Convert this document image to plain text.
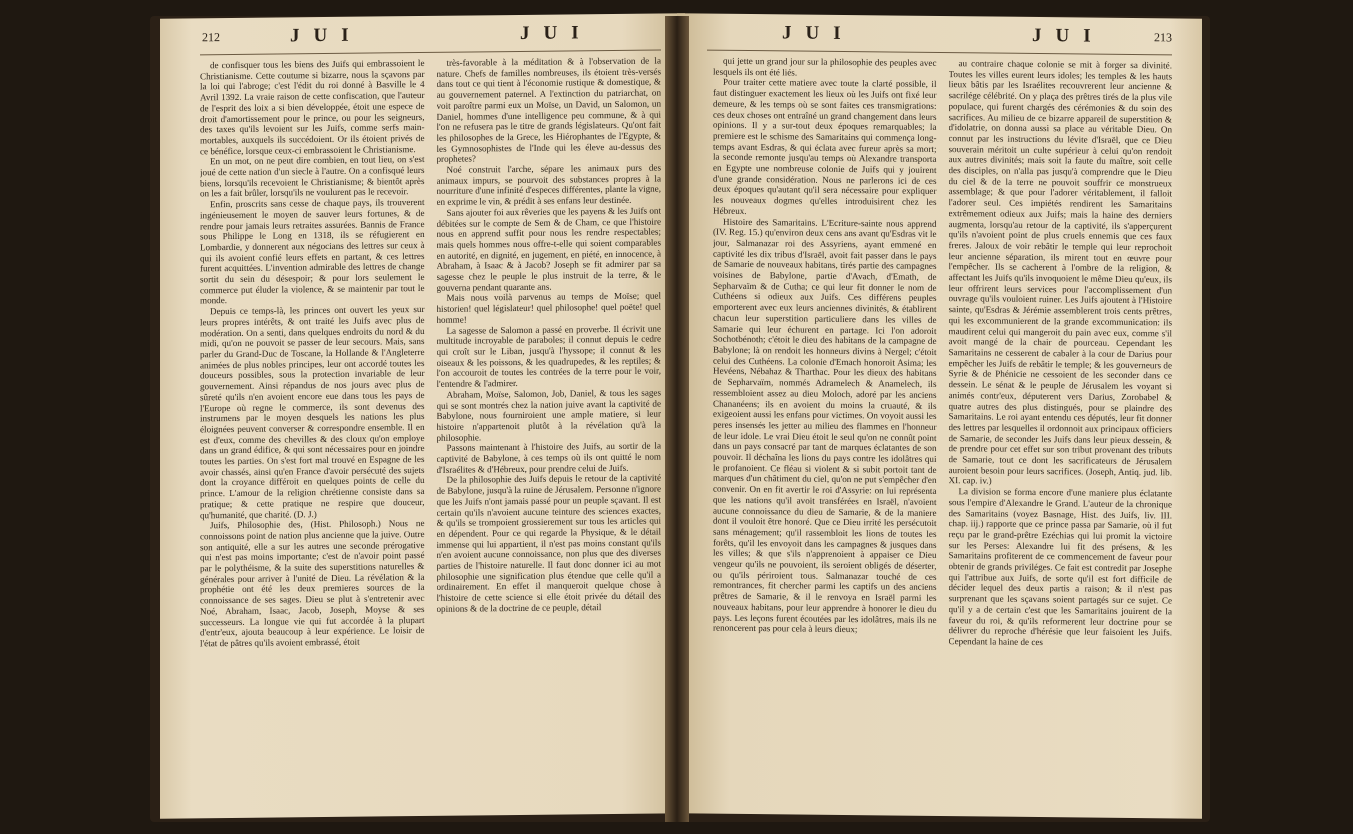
212	JUI	JUI

de confisquer tous les biens des Juifs qui embrassoient le Christianisme. Cette coutume si bizarre, nous la sçavons par la loi qui l'abroge; c'est l'édit du roi donné à Basville le 4 Avril 1392. La vraie raison de cette confiscation, que l'auteur de l'esprit des loix a si bien développée, étoit une espece de droit d'amortissement pour le prince, ou pour les seigneurs, des taxes qu'ils levoient sur les Juifs, comme serfs main-mortables, auxquels ils succédoient. Or ils étoient privés de ce bénéfice, lorsque ceux-ci embrassoient le Christianisme.

En un mot, on ne peut dire combien, en tout lieu, on s'est joué de cette nation d'un siecle à l'autre. On a confisqué leurs biens, lorsqu'ils recevoient le Christianisme; & bientôt après on les a fait brûler, lorsqu'ils ne voulurent pas le recevoir.

Enfin, proscrits sans cesse de chaque pays, ils trouverent ingénieusement le moyen de sauver leurs fortunes, & de rendre pour jamais leurs retraites assurées. Bannis de France sous Philippe le Long en 1318, ils se réfugierent en Lombardie, y donnerent aux négocians des lettres sur ceux à qui ils avoient confié leurs effets en partant, & ces lettres furent acquittées. L'invention admirable des lettres de change sortit du sein du désespoir; & pour lors seulement le commerce put éluder la violence, & se maintenir par tout le monde.

Depuis ce temps-là, les princes ont ouvert les yeux sur leurs propres intérêts, & ont traité les Juifs avec plus de modération. On a senti, dans quelques endroits du nord & du midi, qu'on ne pouvoit se passer de leur secours. Mais, sans parler du Grand-Duc de Toscane, la Hollande & l'Angleterre animées de plus nobles principes, leur ont accordé toutes les douceurs possibles, sous la protection invariable de leur gouvernement. Ainsi répandus de nos jours avec plus de sûreté qu'ils n'en avoient encore eue dans tous les pays de l'Europe où regne le commerce, ils sont devenus des instrumens par le moyen desquels les nations les plus éloignées peuvent converser & correspondre ensemble. Il en est d'eux, comme des chevilles & des cloux qu'on employe dans un grand édifice, & qui sont nécessaires pour en joindre toutes les parties. On s'est fort mal trouvé en Espagne de les avoir chassés, ainsi qu'en France d'avoir persécuté des sujets dont la croyance différoit en quelques points de celle du prince. L'amour de la religion chrétienne consiste dans sa pratique; & cette pratique ne respire que douceur, qu'humanité, que charité. (D. J.)

Juifs, Philosophie des, (Hist. Philosoph.) Nous ne connoissons point de nation plus ancienne que la juive. Outre son antiquité, elle a sur les autres une seconde prérogative qui n'est pas moins importante; c'est de n'avoir point passé par le polythéisme, & la suite des superstitions naturelles & générales pour arriver à l'unité de Dieu. La révélation & la prophétie ont été les deux premieres sources de la connoissance de ses sages. Dieu se plut à s'entretenir avec Noé, Abraham, Isaac, Jacob, Joseph, Moyse & ses successeurs. La longue vie qui fut accordée à la plupart d'entr'eux, ajouta beaucoup à leur expérience. Le loisir de l'état de pâtres qu'ils avoient embrassé, étoit

très-favorable à la méditation & à l'observation de la nature. Chefs de familles nombreuses, ils étoient très-versés dans tout ce qui tient à l'économie rustique & domestique, & au gouvernement paternel. A l'extinction du patriarchat, on voit paroître parmi eux un Moïse, un David, un Salomon, un Daniel, hommes d'une intelligence peu commune, & à qui l'on ne refusera pas le titre de grands législateurs. Qu'ont fait les philosophes de la Grece, les Hiérophantes de l'Egypte, & les Gymnosophistes de l'Inde qui les éleve au-dessus des prophetes?

Noé construit l'arche, sépare les animaux purs des animaux impurs, se pourvoit des substances propres à la nourriture d'une infinité d'especes différentes, plante la vigne, en exprime le vin, & prédit à ses enfans leur destinée.

Sans ajouter foi aux rêveries que les payens & les Juifs ont débitées sur le compte de Sem & de Cham, ce que l'histoire nous en apprend suffit pour nous les rendre respectables; mais quels hommes nous offre-t-elle qui soient comparables en autorité, en dignité, en jugement, en piété, en innocence, à Abraham, à Isaac & à Jacob? Joseph se fit admirer par sa sagesse chez le peuple le plus instruit de la terre, & le gouverna pendant quarante ans.

Mais nous voilà parvenus au temps de Moïse; quel historien! quel législateur! quel philosophe! quel poëte! quel homme!

La sagesse de Salomon a passé en proverbe. Il écrivit une multitude incroyable de paraboles; il connut depuis le cedre qui croît sur le Liban, jusqu'à l'hyssope; il connut & les oiseaux & les poissons, & les quadrupedes, & les reptiles; & l'on accouroit de toutes les contrées de la terre pour le voir, l'entendre & l'admirer.

Abraham, Moïse, Salomon, Job, Daniel, & tous les sages qui se sont montrés chez la nation juive avant la captivité de Babylone, nous fourniroient une ample matiere, si leur histoire n'appartenoit plutôt à la révélation qu'à la philosophie.

Passons maintenant à l'histoire des Juifs, au sortir de la captivité de Babylone, à ces temps où ils ont quitté le nom d'Israélites & d'Hébreux, pour prendre celui de Juifs.

De la philosophie des Juifs depuis le retour de la captivité de Babylone, jusqu'à la ruine de Jérusalem. Personne n'ignore que les Juifs n'ont jamais passé pour un peuple sçavant. Il est certain qu'ils n'avoient aucune teinture des sciences exactes, & qu'ils se trompoient grossierement sur tous les articles qui en dépendent. Pour ce qui regarde la Physique, & le détail immense qui lui appartient, il n'est pas moins constant qu'ils n'en avoient aucune connoissance, non plus que des diverses parties de l'histoire naturelle. Il faut donc donner ici au mot philosophie une signification plus étendue que celle qu'il a ordinairement. En effet il manqueroit quelque chose à l'histoire de cette science si elle étoit privée du détail des opinions & de la doctrine de ce peuple, détail

JUI	JUI	213

qui jette un grand jour sur la philosophie des peuples avec lesquels ils ont été liés.

Pour traiter cette matiere avec toute la clarté possible, il faut distinguer exactement les lieux où les Juifs ont fixé leur demeure, & les temps où se sont faites ces transmigrations: ces deux choses ont entraîné un grand changement dans leurs opinions. Il y a sur-tout deux époques remarquables; la premiere est le schisme des Samaritains qui commença long-temps avant Esdras, & qui éclata avec fureur après sa mort; la seconde remonte jusqu'au temps où Alexandre transporta en Egypte une nombreuse colonie de Juifs qui y jouirent d'une grande considération. Nous ne parlerons ici de ces deux époques qu'autant qu'il sera nécessaire pour expliquer les nouveaux dogmes qu'elles introduisirent chez les Hébreux.

Histoire des Samaritains. L'Ecriture-sainte nous apprend (IV. Reg. 15.) qu'environ deux cens ans avant qu'Esdras vit le jour, Salmanazar roi des Assyriens, ayant emmené en captivité les dix tribus d'Israël, avoit fait passer dans le pays de Samarie de nouveaux habitans, tirés partie des campagnes voisines de Babylone, partie d'Avach, d'Emath, de Sepharvaïm & de Cutha; ce qui leur fit donner le nom de Cuthéens si odieux aux Juifs. Ces différens peuples emporterent avec eux leurs anciennes divinités, & établirent chacun leur superstition particuliere dans les villes de Samarie qui leur échurent en partage. Ici l'on adoroit Sochotbénoth; c'étoit le dieu des habitans de la campagne de Babylone; là on rendoit les honneurs divins à Nergel; c'étoit celui des Cuthéens. La colonie d'Emach honoroit Asima; les Hevéens, Nébahaz & Tharthac. Pour les dieux des habitans de Sepharvaïm, nommés Adramelech & Anamelech, ils ressembloient assez au dieu Moloch, adoré par les anciens Chananéens; ils en avoient du moins la cruauté, & ils exigeoient aussi les enfans pour victimes. On voyoit aussi les peres insensés les jetter au milieu des flammes en l'honneur de leur idole. Le vrai Dieu étoit le seul qu'on ne connût point dans un pays consacré par tant de marques éclatantes de son pouvoir. Il déchaîna les lions du pays contre les idolâtres qui le profanoient. Ce fléau si violent & si subit portoit tant de marques d'un châtiment du ciel, qu'on ne put s'empêcher d'en convenir. On en fit avertir le roi d'Assyrie: on lui représenta que les nations qu'il avoit transférées en Israël, n'avoient aucune connoissance du dieu de Samarie, & de la maniere dont il vouloit être honoré. Que ce Dieu irrité les persécutoit sans ménagement; qu'il rassembloit les lions de toutes les forêts, qu'il les envoyoit dans les campagnes & jusques dans les villes; & que s'ils n'apprenoient à appaiser ce Dieu vengeur qu'ils ne pouvoient, ils seroient obligés de déserter, ou qu'ils périroient tous. Salmanazar touché de ces remontrances, fit chercher parmi les captifs un des anciens prêtres de Samarie, & il le renvoya en Israël parmi les nouveaux habitans, pour leur apprendre à honorer le dieu du pays. Les leçons furent écoutées par les idolâtres, mais ils ne renoncerent pas pour cela à leurs dieux;

au contraire chaque colonie se mit à forger sa divinité. Toutes les villes eurent leurs idoles; les temples & les hauts lieux bâtis par les Israélites recouvrerent leur ancienne & sacrilége célébrité. On y plaça des prêtres tirés de la plus vile populace, qui furent chargés des cérémonies & du soin des sacrifices. Au milieu de ce bizarre appareil de superstition & d'idolatrie, on donna aussi sa place au véritable Dieu. On connut par les instructions du lévite d'Israël, que ce Dieu souverain méritoit un culte supérieur à celui qu'on rendoit aux autres divinités; mais soit la faute du maître, soit celle des disciples, on n'alla pas jusqu'à comprendre que le Dieu du ciel & de la terre ne pouvoit souffrir ce monstrueux assemblage; & que pour l'adorer véritablement, il falloit l'adorer seul. Ces impiétés rendirent les Samaritains extrêmement odieux aux Juifs; mais la haine des derniers augmenta, lorsqu'au retour de la captivité, ils s'apperçurent qu'ils n'avoient point de plus cruels ennemis que ces faux freres. Jaloux de voir rebâtir le temple qui leur reprochoit leur ancienne séparation, ils mirent tout en œuvre pour l'empêcher. Ils se cacherent à l'ombre de la religion, & affectant les Juifs qu'ils invoquoient le même Dieu qu'eux, ils leur offrirent leurs services pour l'accomplissement d'un ouvrage qu'ils vouloient ruiner. Les Juifs ajoutent à l'Histoire sainte, qu'Esdras & Jérémie assemblerent trois cents prêtres, qui les excommunierent de la grande excommunication: ils maudirent celui qui mangeroit du pain avec eux, comme s'il avoit mangé de la chair de pourceau. Cependant les Samaritains ne cesserent de cabaler à la cour de Darius pour empêcher les Juifs de rebâtir le temple; & les gouverneurs de Syrie & de Phénicie ne cessoient de les seconder dans ce dessein. Le sénat & le peuple de Jérusalem les voyant si animés contr'eux, députerent vers Darius, Zorobabel & quatre autres des plus distingués, pour se plaindre des Samaritains. Le roi ayant entendu ces députés, leur fit donner des lettres par lesquelles il ordonnoit aux principaux officiers de Samarie, de seconder les Juifs dans leur pieux dessein, & de prendre pour cet effet sur son tribut provenant des tributs de Samarie, tout ce dont les sacrificateurs de Jérusalem auroient besoin pour leurs sacrifices. (Joseph, Antiq. jud. lib. XI. cap. iv.)

La division se forma encore d'une maniere plus éclatante sous l'empire d'Alexandre le Grand. L'auteur de la chronique des Samaritains (voyez Basnage, Hist. des Juifs, liv. III. chap. iij.) rapporte que ce prince passa par Samarie, où il fut reçu par le grand-prêtre Ezéchias qui lui promit la victoire sur les Perses: Alexandre lui fit des présens, & les Samaritains profiterent de ce commencement de faveur pour obtenir de grands priviléges. Ce fait est contredit par Josephe qui l'attribue aux Juifs, de sorte qu'il est fort difficile de décider lequel des deux partis a raison; & il n'est pas surprenant que les sçavans soient partagés sur ce sujet. Ce qu'il y a de certain c'est que les Samaritains jouirent de la faveur du roi, & qu'ils reformerent leur doctrine pour se délivrer du reproche d'hérésie que leur faisoient les Juifs. Cependant la haine de ces
